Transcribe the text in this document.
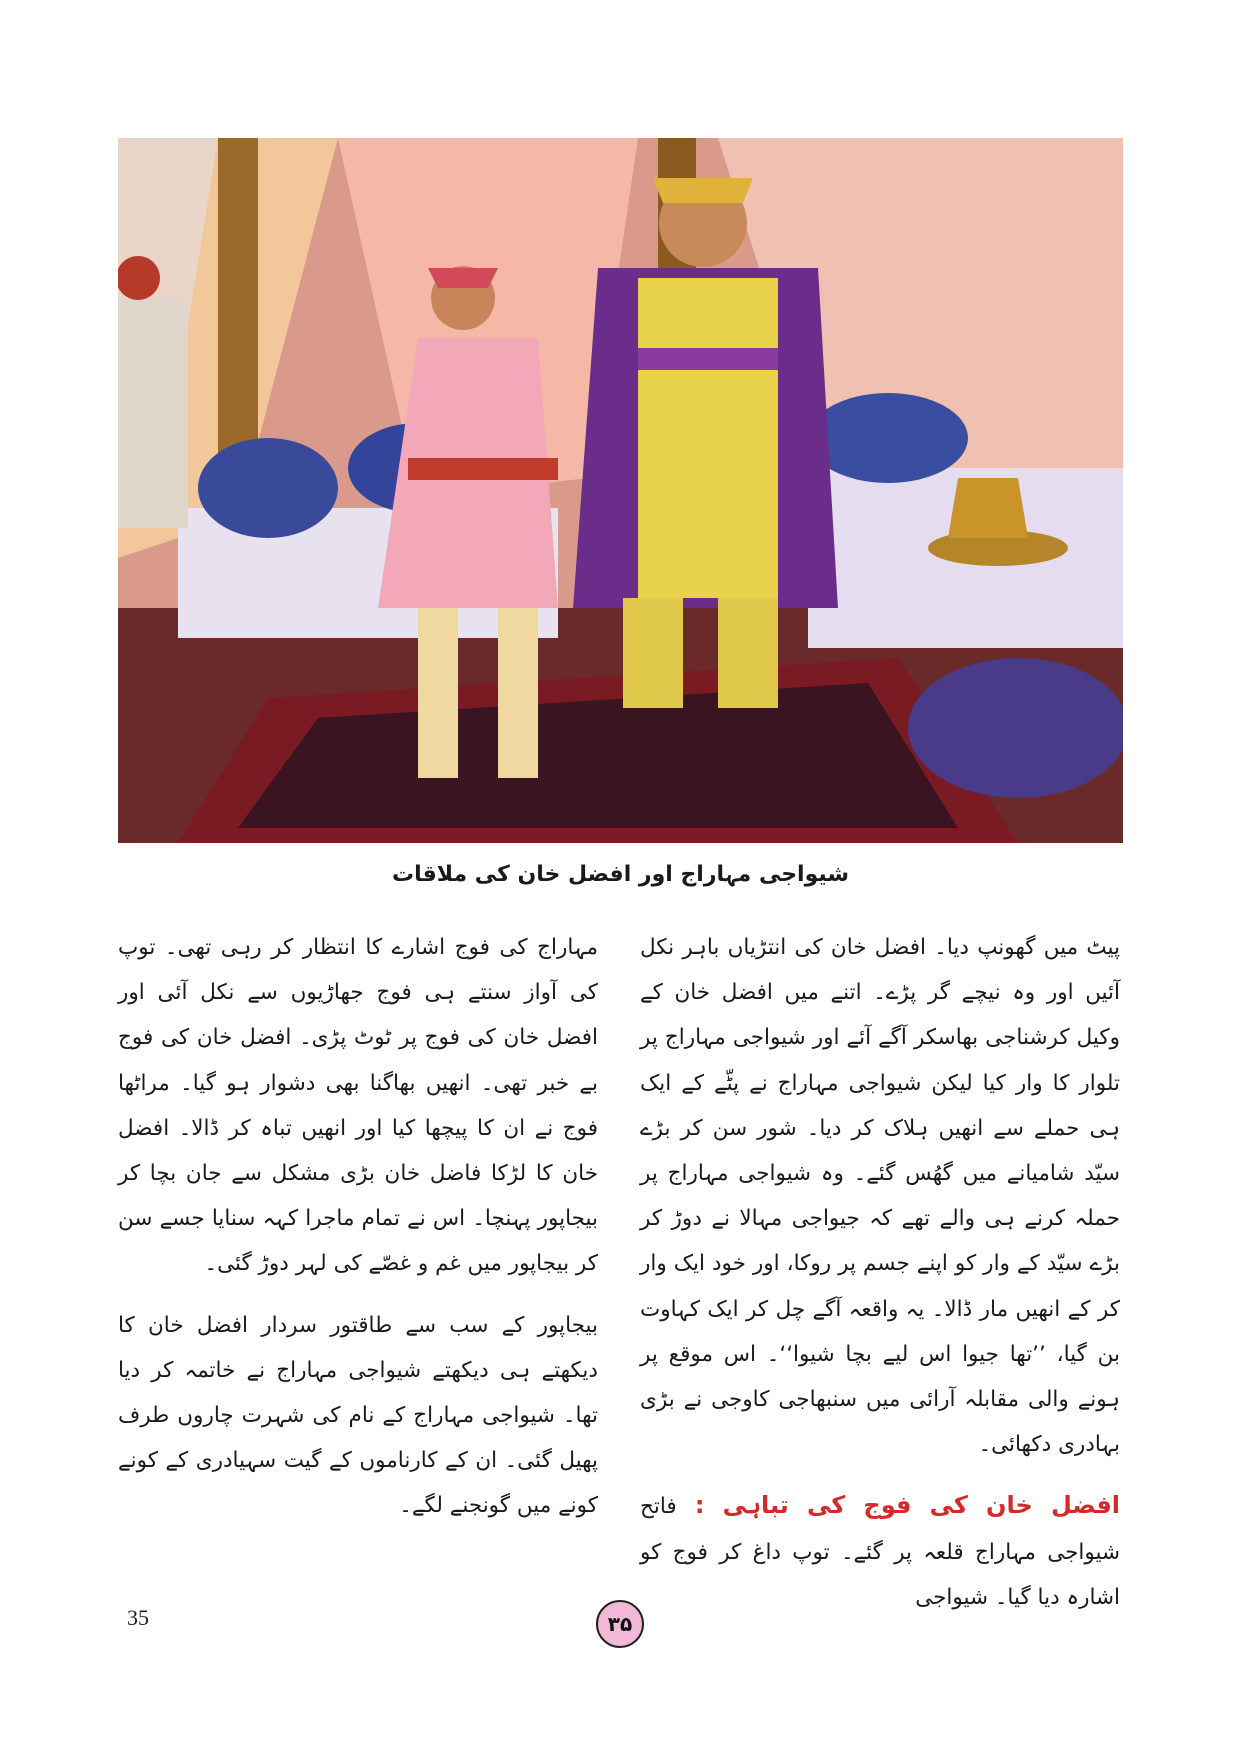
شیواجی مہاراج اور افضل خان کی ملاقات

پیٹ میں گھونپ دیا۔ افضل خان کی انتڑیاں باہر نکل آئیں اور وہ نیچے گر پڑے۔ اتنے میں افضل خان کے وکیل کرشناجی بھاسکر آگے آئے اور شیواجی مہاراج پر تلوار کا وار کیا لیکن شیواجی مہاراج نے پٹّے کے ایک ہی حملے سے انھیں ہلاک کر دیا۔ شور سن کر بڑے سیّد شامیانے میں گھُس گئے۔ وہ شیواجی مہاراج پر حملہ کرنے ہی والے تھے کہ جیواجی مہالا نے دوڑ کر بڑے سیّد کے وار کو اپنے جسم پر روکا، اور خود ایک وار کر کے انھیں مار ڈالا۔ یہ واقعہ آگے چل کر ایک کہاوت بن گیا، ’’تھا جیوا اس لیے بچا شیوا‘‘۔ اس موقع پر ہونے والی مقابلہ آرائی میں سنبھاجی کاوجی نے بڑی بہادری دکھائی۔

افضل خان کی فوج کی تباہی : فاتح شیواجی مہاراج قلعہ پر گئے۔ توپ داغ کر فوج کو اشارہ دیا گیا۔ شیواجی

مہاراج کی فوج اشارے کا انتظار کر رہی تھی۔ توپ کی آواز سنتے ہی فوج جھاڑیوں سے نکل آئی اور افضل خان کی فوج پر ٹوٹ پڑی۔ افضل خان کی فوج بے خبر تھی۔ انھیں بھاگنا بھی دشوار ہو گیا۔ مراٹھا فوج نے ان کا پیچھا کیا اور انھیں تباہ کر ڈالا۔ افضل خان کا لڑکا فاضل خان بڑی مشکل سے جان بچا کر بیجاپور پہنچا۔ اس نے تمام ماجرا کہہ سنایا جسے سن کر بیجاپور میں غم و غصّے کی لہر دوڑ گئی۔

بیجاپور کے سب سے طاقتور سردار افضل خان کا دیکھتے ہی دیکھتے شیواجی مہاراج نے خاتمہ کر دیا تھا۔ شیواجی مہاراج کے نام کی شہرت چاروں طرف پھیل گئی۔ ان کے کارناموں کے گیت سہیادری کے کونے کونے میں گونجنے لگے۔

35	۳۵
